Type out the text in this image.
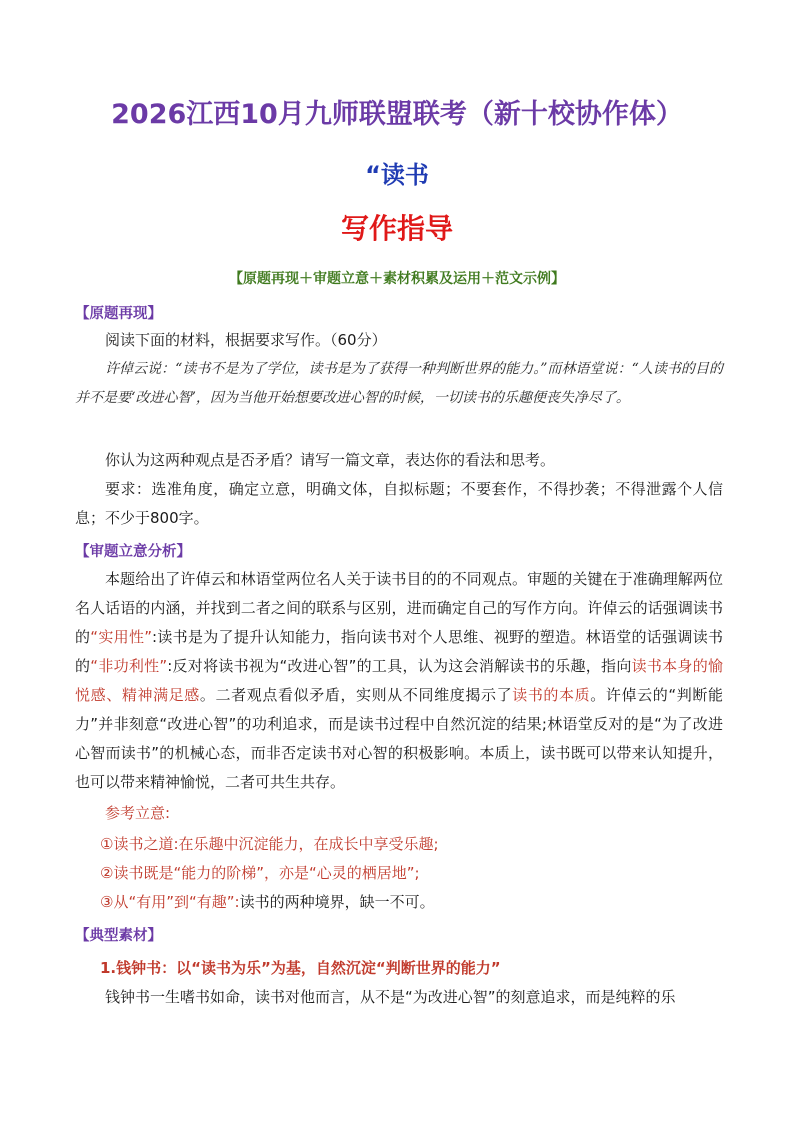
2026江西10月九师联盟联考（新十校协作体）
“读书
写作指导
【原题再现＋审题立意＋素材积累及运用＋范文示例】
【原题再现】

阅读下面的材料，根据要求写作。（60分）

许倬云说：“读书不是为了学位，读书是为了获得一种判断世界的能力。”而林语堂说：“人读书的目的并不是要‘改进心智’，因为当他开始想要改进心智的时候，一切读书的乐趣便丧失净尽了。

你认为这两种观点是否矛盾？请写一篇文章，表达你的看法和思考。

要求：选准角度，确定立意，明确文体，自拟标题；不要套作，不得抄袭；不得泄露个人信息；不少于800字。

【审题立意分析】

本题给出了许倬云和林语堂两位名人关于读书目的的不同观点。审题的关键在于准确理解两位名人话语的内涵，并找到二者之间的联系与区别，进而确定自己的写作方向。许倬云的话强调读书的“实用性”:读书是为了提升认知能力，指向读书对个人思维、视野的塑造。林语堂的话强调读书的“非功利性”:反对将读书视为“改进心智”的工具，认为这会消解读书的乐趣，指向读书本身的愉悦感、精神满足感。二者观点看似矛盾，实则从不同维度揭示了读书的本质。许倬云的“判断能力”并非刻意“改进心智”的功利追求，而是读书过程中自然沉淀的结果;林语堂反对的是“为了改进心智而读书”的机械心态，而非否定读书对心智的积极影响。本质上，读书既可以带来认知提升，也可以带来精神愉悦，二者可共生共存。

参考立意:

①读书之道:在乐趣中沉淀能力，在成长中享受乐趣;
②读书既是“能力的阶梯”，亦是“心灵的栖居地”;
③从“有用”到“有趣”:读书的两种境界，缺一不可。
【典型素材】
1.钱钟书：以“读书为乐”为基，自然沉淀“判断世界的能力”

钱钟书一生嗜书如命，读书对他而言，从不是“为改进心智”的刻意追求，而是纯粹的乐
